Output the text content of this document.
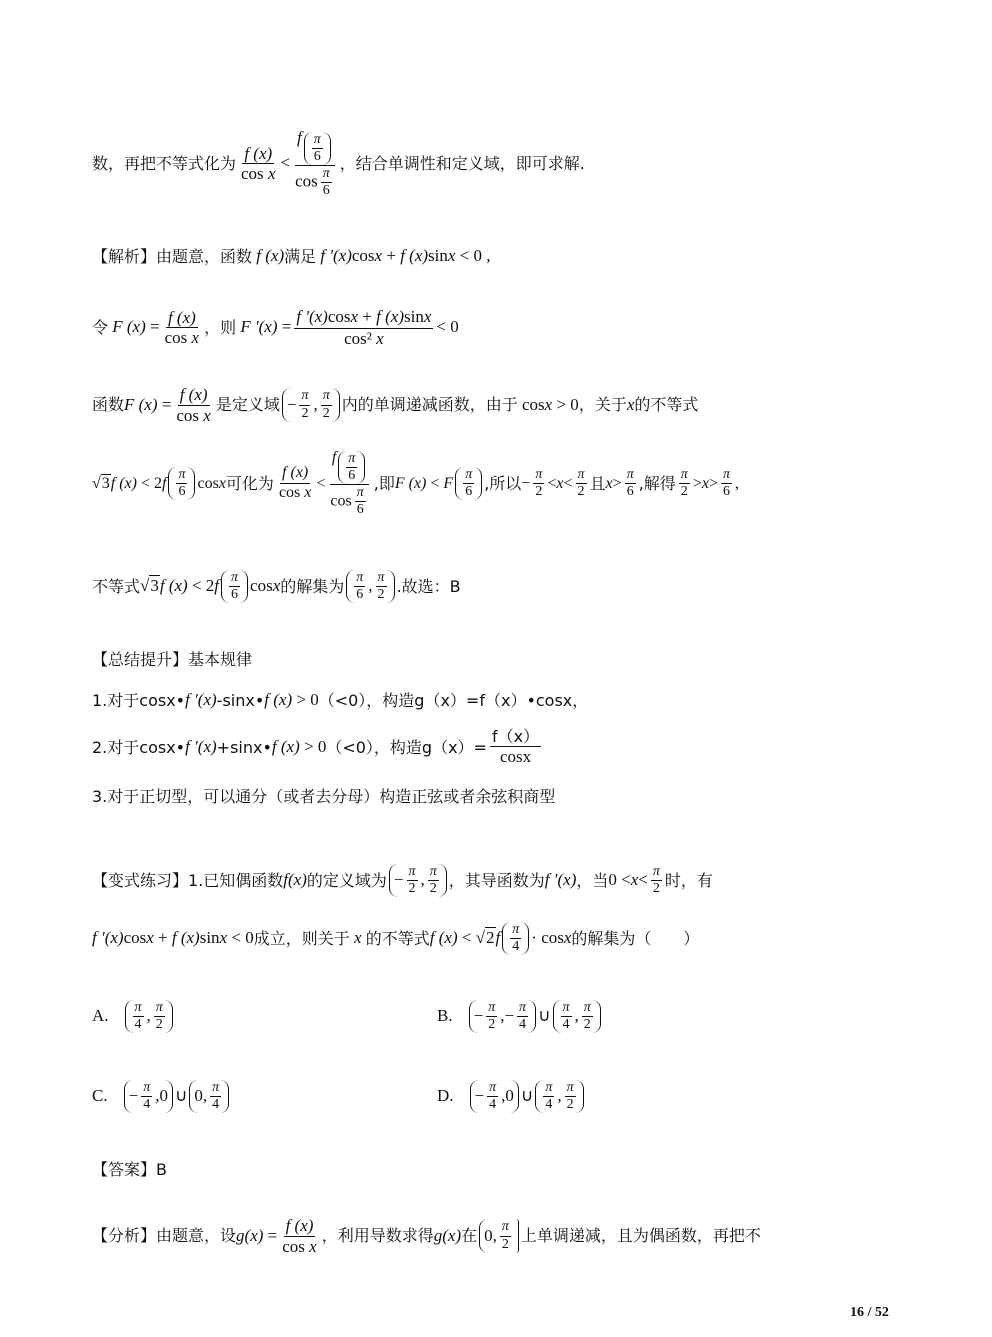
数，再把不等式化为 $\frac{f (x)}{\text{cos x}} < \frac{f \frac{\pi}{6}}{\cos \frac{\pi}{6}}$ ，结合单调性和定义域，即可求解.
【解析】 由题意，函数 f (x) 满足 f '(x) cos x + f (x) sin x < 0 ,
令 F $(x) = \frac{f (x)}{\text{cos x}}$ ，则 F '$(x) = \frac{f '(x)\cos x + f (x)\sin x}{\text{cos² x}} < 0$
函数 F $(x) = \frac{f (x)}{\text{cos x}}$ 是定义域 − $\frac{\pi}{2}$ , $\frac{\pi}{2}$ 内的单调递减函数，由于 cos x > 0 ，关于 x 的不等式
√3 f (x) < 2 f $\frac{\pi}{6}$ cos x 可化为 $\frac{f (x)}{\text{cos x}} < \frac{f \frac{\pi}{6}}{\cos \frac{\pi}{6}}$ ,即 F (x) < F $\frac{\pi}{6}$ ,所以 − $\frac{\pi}{2} < x < \frac{\pi}{2}$ 且 $x > \frac{\pi}{6}$ ,解得 $\frac{\pi}{2} > x > \frac{\pi}{6}$ ,
不等式 √3 f (x) < 2 f $\frac{\pi}{6}$ cos x 的解集为 $\frac{\pi}{6}$ , $\frac{\pi}{2}$ .故选：B
【总结提升】基本规律
1.对于cosx• f ′(x) -sinx• f (x) > 0 （<0），构造g（x）=f（x）•cosx，
2.对于cosx• f ′(x) +sinx• f (x) > 0 （<0），构造$g(x)= \frac{f(x)}{\cos x}$
3.对于正切型，可以通分（或者去分母）构造正弦或者余弦积商型
【变式练习】 1.已知偶函数 f(x) 的定义域为 − $\frac{\pi}{2}$ , $\frac{\pi}{2}$ ，其导函数为 f ′(x) ，当 $0 < x < \frac{\pi}{2}$ 时，有
f ′(x) cos x + f (x) sin x < 0 成立，则关于 x 的不等式 f (x) < √2 f $\frac{\pi}{4} \cdot \cos x$ 的解集为（　　）
A. $\frac{\pi}{4}$ , $\frac{\pi}{2}$	B. − $\frac{\pi}{2}$ ,− $\frac{\pi}{4}$ ∪ $\frac{\pi}{4}$ , $\frac{\pi}{2}$
C. − $\frac{\pi}{4} ,0$ ∪ 0, $\frac{\pi}{4}$	D. − $\frac{\pi}{4} ,0$ ∪ $\frac{\pi}{4}$ , $\frac{\pi}{2}$
【答案】B
【分析】 由题意，设 $g(x) = \frac{f (x)}{\text{cos x}}$ ，利用导数求得 g(x) 在 0, $\frac{\pi}{2}$ 上单调递减，且为偶函数，再把不
16 / 52
